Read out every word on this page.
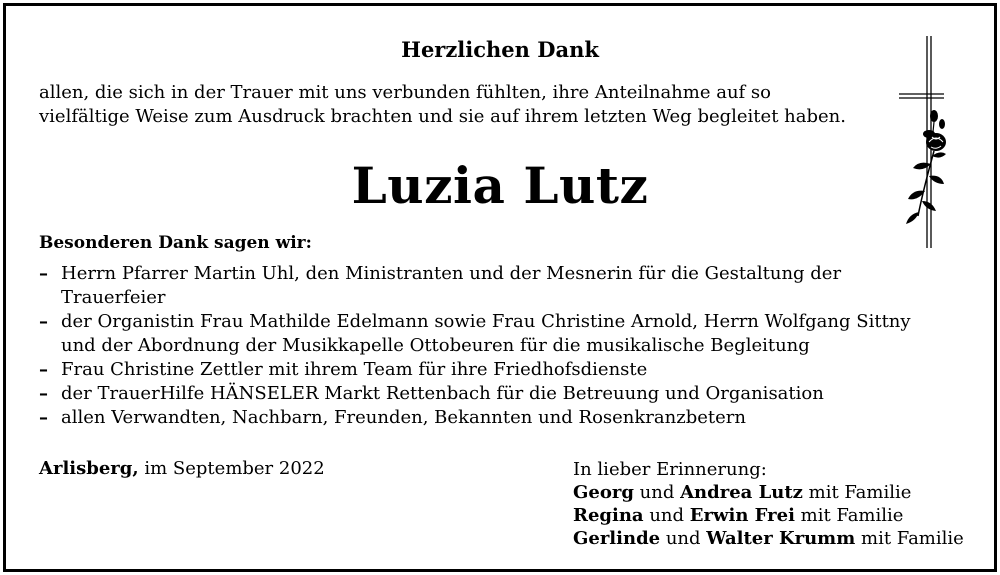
Herzlichen Dank
allen, die sich in der Trauer mit uns verbunden fühlten, ihre Anteilnahme auf so
vielfältige Weise zum Ausdruck brachten und sie auf ihrem letzten Weg begleitet haben.
Luzia Lutz
Besonderen Dank sagen wir:
– Herrn Pfarrer Martin Uhl, den Ministranten und der Mesnerin für die Gestaltung der
Trauerfeier
– der Organistin Frau Mathilde Edelmann sowie Frau Christine Arnold, Herrn Wolfgang Sittny
und der Abordnung der Musikkapelle Ottobeuren für die musikalische Begleitung
– Frau Christine Zettler mit ihrem Team für ihre Friedhofsdienste
– der TrauerHilfe HÄNSELER Markt Rettenbach für die Betreuung und Organisation
– allen Verwandten, Nachbarn, Freunden, Bekannten und Rosenkranzbetern
Arlisberg, im September 2022	In lieber Erinnerung:
Georg und Andrea Lutz mit Familie
Regina und Erwin Frei mit Familie
Gerlinde und Walter Krumm mit Familie
